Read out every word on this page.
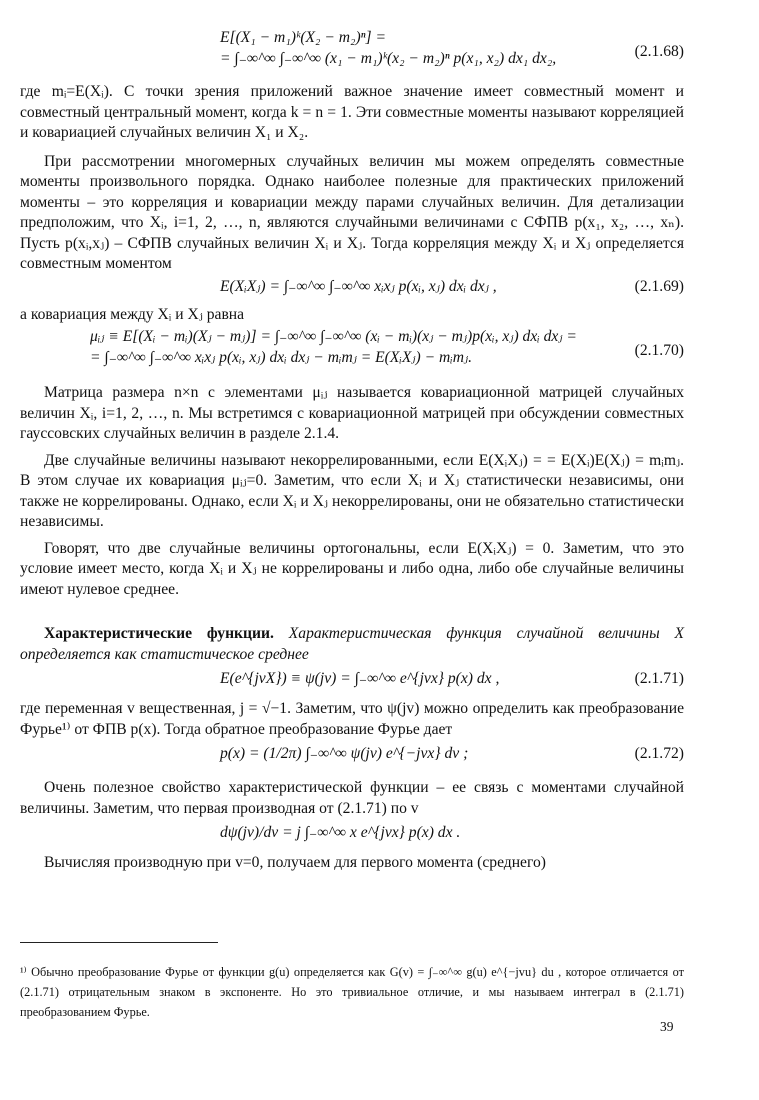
E[(X₁ − m₁)ᵏ(X₂ − m₂)ⁿ] =
= ∫₋∞^∞ ∫₋∞^∞ (x₁ − m₁)ᵏ(x₂ − m₂)ⁿ p(x₁, x₂) dx₁ dx₂,	(2.1.68)

где mᵢ=E(Xᵢ). С точки зрения приложений важное значение имеет совместный момент и совместный центральный момент, когда k = n = 1. Эти совместные моменты называют корреляцией и ковариацией случайных величин X₁ и X₂.

При рассмотрении многомерных случайных величин мы можем определять совместные моменты произвольного порядка. Однако наиболее полезные для практических приложений моменты – это корреляция и ковариации между парами случайных величин. Для детализации предположим, что Xᵢ, i=1, 2, …, n, являются случайными величинами с СФПВ p(x₁, x₂, …, xₙ). Пусть p(xᵢ,xⱼ) – СФПВ случайных величин Xᵢ и Xⱼ. Тогда корреляция между Xᵢ и Xⱼ определяется совместным моментом

E(XᵢXⱼ) = ∫₋∞^∞ ∫₋∞^∞ xᵢxⱼ p(xᵢ, xⱼ) dxᵢ dxⱼ ,	(2.1.69)

а ковариация между Xᵢ и Xⱼ равна

μᵢⱼ ≡ E[(Xᵢ − mᵢ)(Xⱼ − mⱼ)] = ∫₋∞^∞ ∫₋∞^∞ (xᵢ − mᵢ)(xⱼ − mⱼ)p(xᵢ, xⱼ) dxᵢ dxⱼ =
= ∫₋∞^∞ ∫₋∞^∞ xᵢxⱼ p(xᵢ, xⱼ) dxᵢ dxⱼ − mᵢmⱼ = E(XᵢXⱼ) − mᵢmⱼ.	(2.1.70)

Матрица размера n×n с элементами μᵢⱼ называется ковариационной матрицей случайных величин Xᵢ, i=1, 2, …, n. Мы встретимся с ковариационной матрицей при обсуждении совместных гауссовских случайных величин в разделе 2.1.4.

Две случайные величины называют некоррелированными, если E(XᵢXⱼ) = = E(Xᵢ)E(Xⱼ) = mᵢmⱼ. В этом случае их ковариация μᵢⱼ=0. Заметим, что если Xᵢ и Xⱼ статистически независимы, они также не коррелированы. Однако, если Xᵢ и Xⱼ некоррелированы, они не обязательно статистически независимы.

Говорят, что две случайные величины ортогональны, если E(XᵢXⱼ) = 0. Заметим, что это условие имеет место, когда Xᵢ и Xⱼ не коррелированы и либо одна, либо обе случайные величины имеют нулевое среднее.

Характеристические функции. Характеристическая функция случайной величины X определяется как статистическое среднее

E(e^{jvX}) ≡ ψ(jv) = ∫₋∞^∞ e^{jvx} p(x) dx ,	(2.1.71)

где переменная v вещественная, j = √−1. Заметим, что ψ(jv) можно определить как преобразование Фурье¹⁾ от ФПВ p(x). Тогда обратное преобразование Фурье дает

p(x) = (1/2π) ∫₋∞^∞ ψ(jv) e^{−jvx} dv ;	(2.1.72)

Очень полезное свойство характеристической функции – ее связь с моментами случайной величины. Заметим, что первая производная от (2.1.71) по v

dψ(jv)/dv = j ∫₋∞^∞ x e^{jvx} p(x) dx .

Вычисляя производную при v=0, получаем для первого момента (среднего)

¹⁾ Обычно преобразование Фурье от функции g(u) определяется как G(v) = ∫₋∞^∞ g(u) e^{−jvu} du , которое отличается от (2.1.71) отрицательным знаком в экспоненте. Но это тривиальное отличие, и мы называем интеграл в (2.1.71) преобразованием Фурье.
39
